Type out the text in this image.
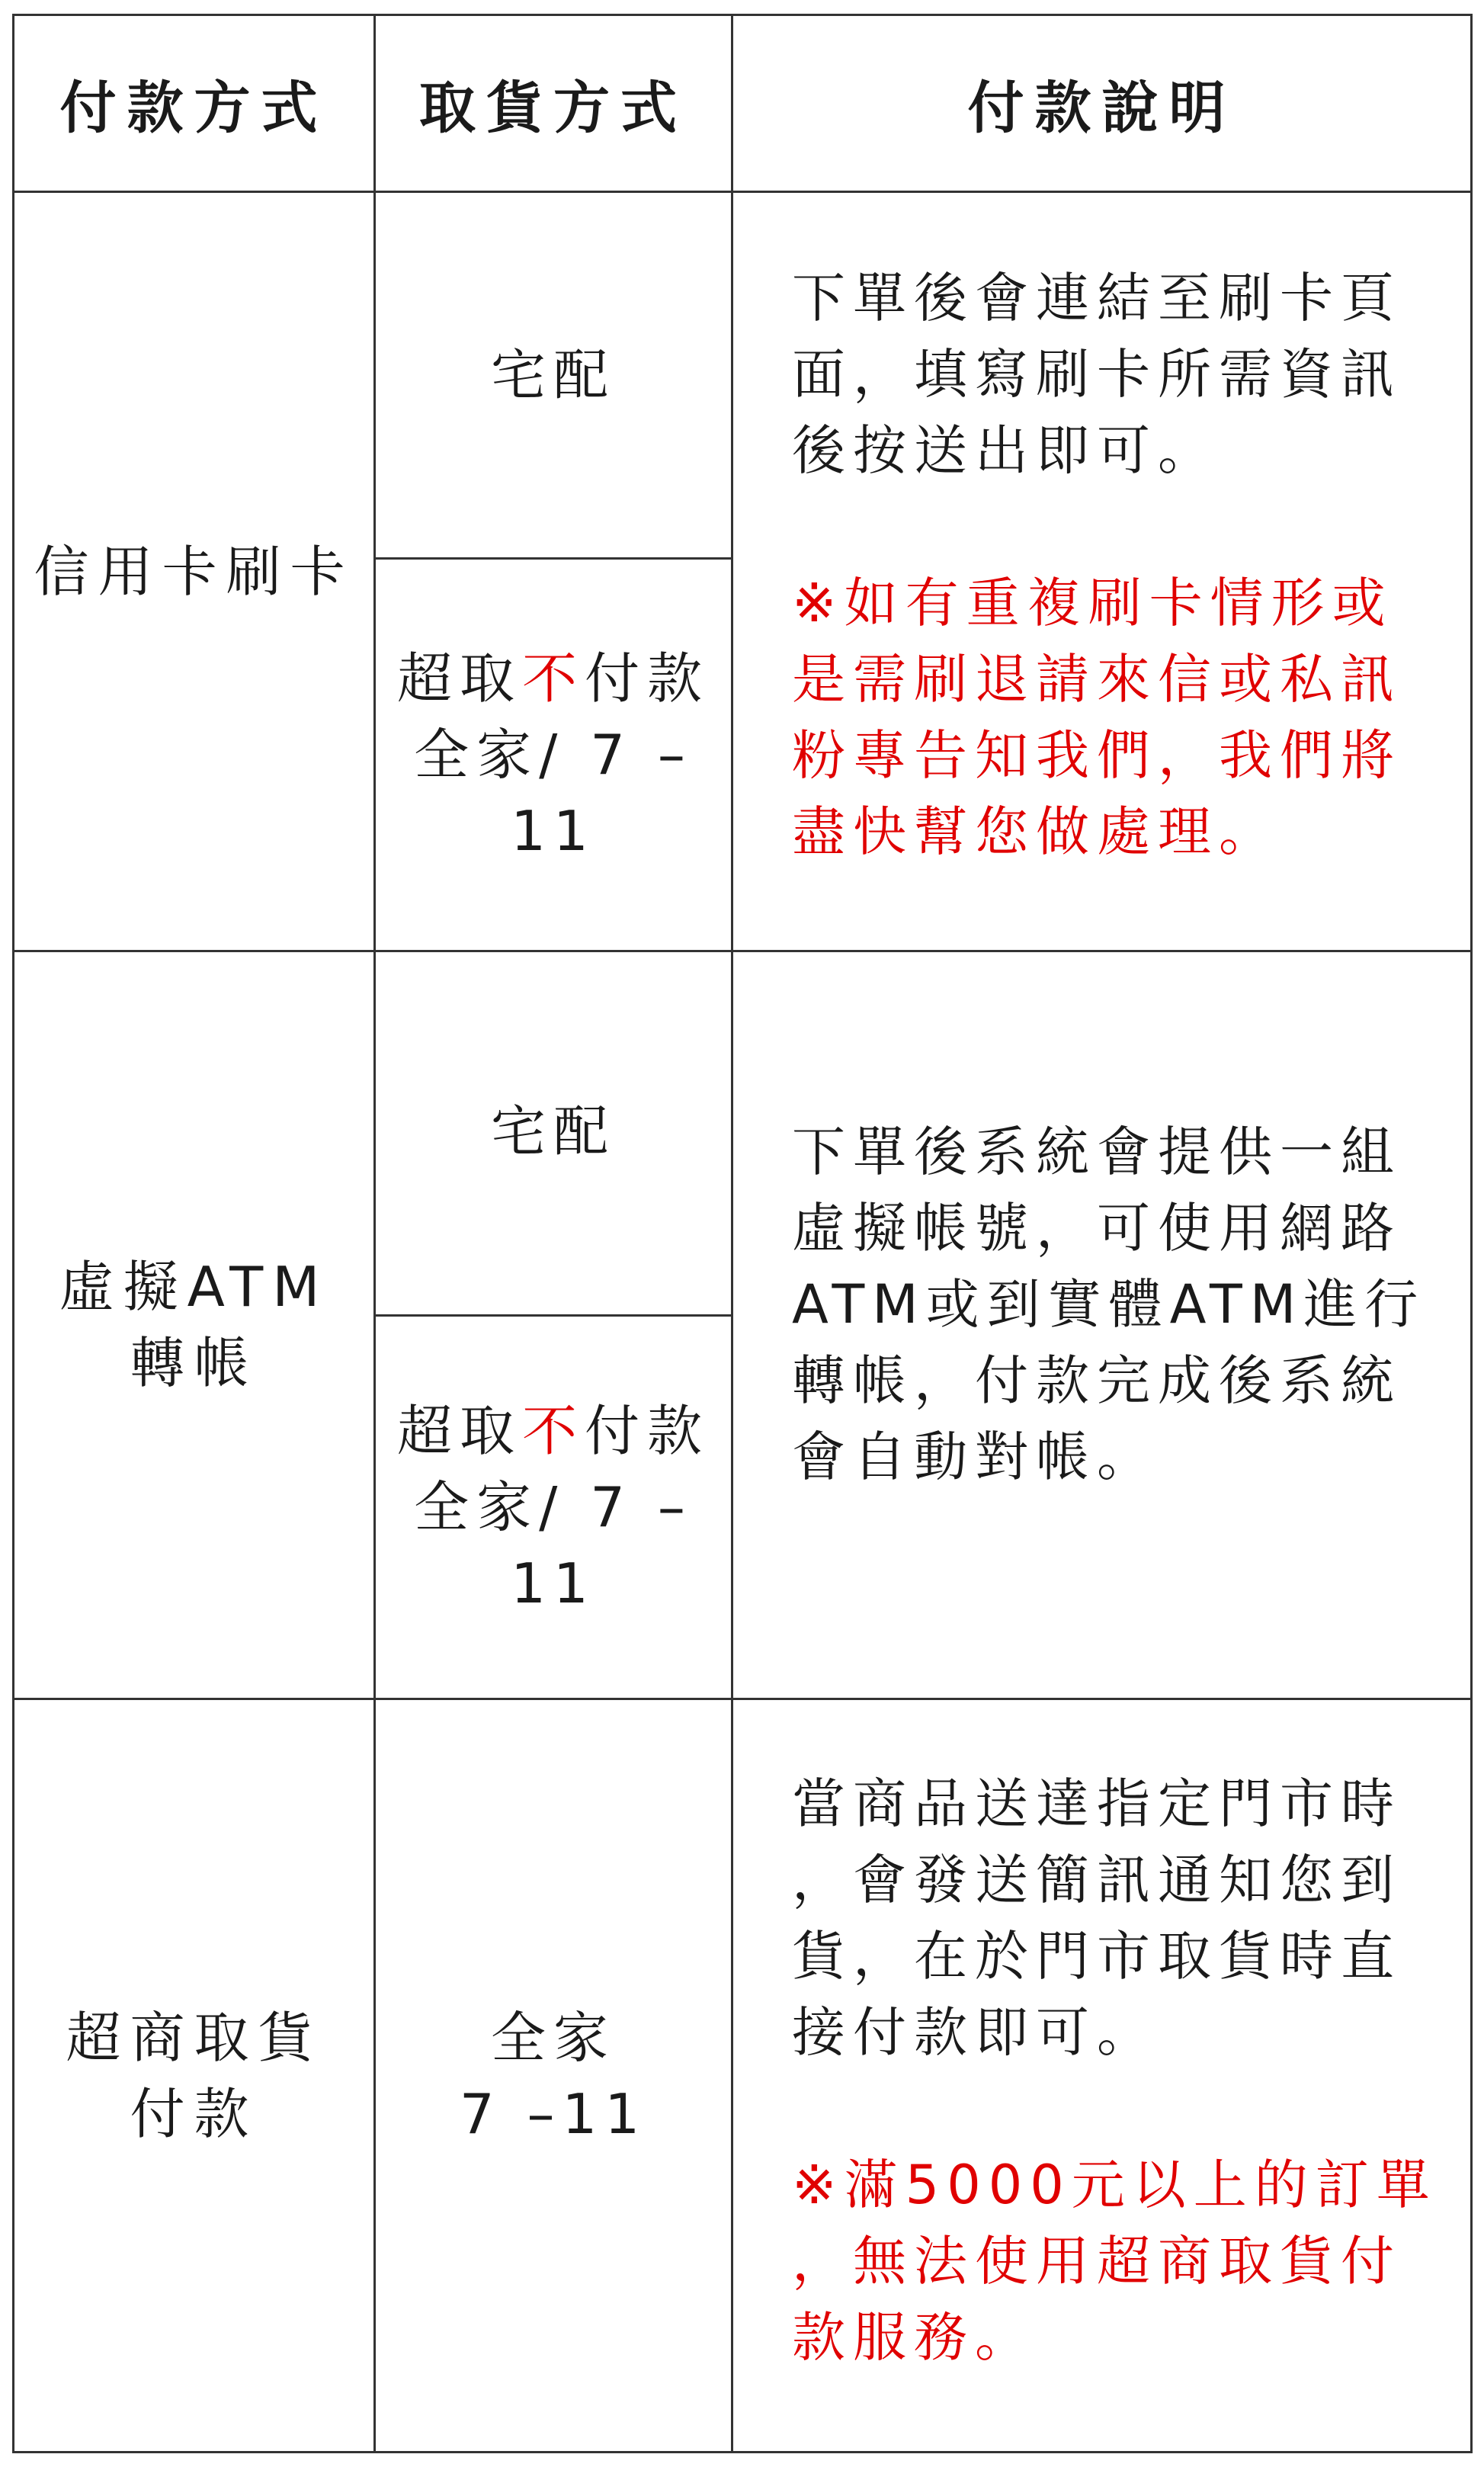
付款方式 取貨方式	付款說明
信用卡刷卡
宅配
超取不付款
全家/ 7 –11

下單後會連結至刷卡頁

面，填寫刷卡所需資訊

後按送出即可。

※如有重複刷卡情形或

是需刷退請來信或私訊

粉專告知我們，我們將

盡快幫您做處理。

虛擬ATM
轉帳
宅配
超取不付款
全家/ 7 –11

下單後系統會提供一組

虛擬帳號，可使用網路

ATM或到實體ATM進行

轉帳，付款完成後系統

會自動對帳。

超商取貨
付款
全家
7 –11

當商品送達指定門市時

，會發送簡訊通知您到

貨，在於門市取貨時直

接付款即可。

※滿5000元以上的訂單

，無法使用超商取貨付

款服務。
